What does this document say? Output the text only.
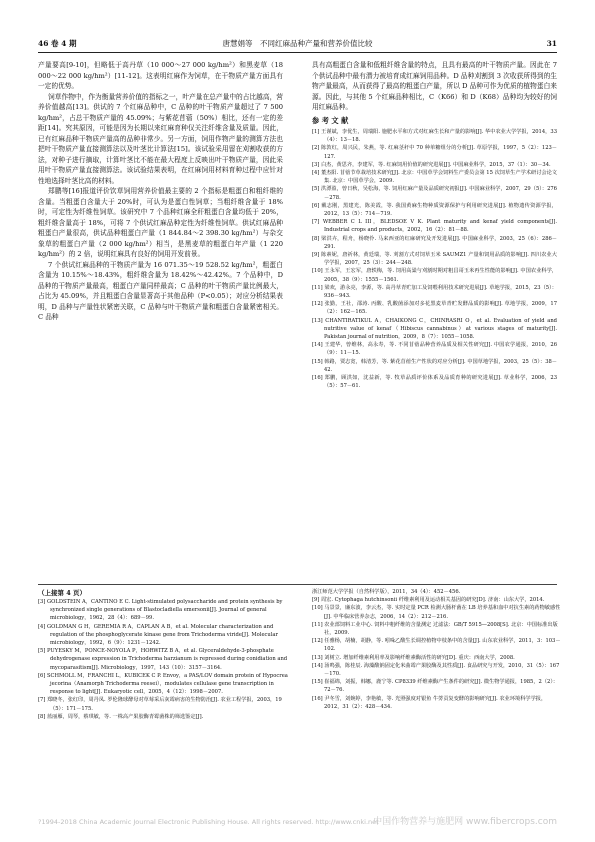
46 卷 4 期	唐慧娟等　不同红麻品种产量和营养价值比较	31

产量要高[9-10]，但略低于高丹草（10 000～27 000 kg/hm²）和黑麦草（18 000～22 000 kg/hm²）[11-12]。这表明红麻作为饲草，在干物质产量方面具有一定的优势。

饲草作物中，作为衡量营养价值的指标之一，叶产量在总产量中的占比越高，营养价值越高[13]。供试的 7 个红麻品种中，C 品种的叶干物质产量超过了 7 500 kg/hm²，占总干物质产量的 45.09%；与紫花苜蓿（50%）相比，还有一定的差距[14]。究其原因，可能是因为长期以来红麻育种仅关注纤维含量及质量。因此，已有红麻品种干物质产量高的品种非常少。另一方面，饲用作物产量的测算方法也把叶干物质产量直接测算法以及叶茎比计算法[15]。该试验采用留在刈割收获的方法，对种子进行摘取，计算叶茎比不能在最大程度上反映出叶干物质产量，因此采用叶干物质产量直接测算法。该试验结果表明，在红麻饲用材料育种过程中应针对性地选择叶茎比高的材料。

郑鹏等[16]报道评价饮草饲用营养价值最主要的 2 个指标是粗蛋白和粗纤维的含量。当粗蛋白含量大于 20%时，可认为是蛋白性饲草；当粗纤维含量于 18%时，可定性为纤维性饲草。该研究中 7 个品种红麻全秆粗蛋白含量均低于 20%，粗纤维含量高于 18%，可将 7 个供试红麻品种定性为纤维性饲草。供试红麻品种粗蛋白产量很高，供试品种粗蛋白产量（1 844.84～2 398.30 kg/hm²）与杂交象草的粗蛋白产量（2 000 kg/hm²）相当，是黑麦草的粗蛋白年产量（1 220 kg/hm²）的 2 倍，说明红麻具有良好的饲用开发前景。

7 个供试红麻品种的干物质产量为 16 071.35～19 528.52 kg/hm²，粗蛋白含量为 10.15%～18.43%，粗纤维含量为 18.42%～42.42%。7 个品种中，D 品种的干物质产量最高，粗蛋白产量同样最高；C 品种的叶干物质产量比例最大，占比为 45.09%，并且粗蛋白含量显著高于其他品种（P<0.05）；对应分析结果表明，D 品种与产量性状紧密关联，C 品种与叶干物质产量和粗蛋白含量紧密相关。C 品种

具有高粗蛋白含量和低粗纤维含量的特点，且具有最高的叶干物质产量。因此在 7 个供试品种中最有潜力被培育成红麻饲用品种。D 品种刈割到 3 次收获所得到的生物产量最高，从而获得了最高的粗蛋白产量，所以 D 品种可作为优质的植物蛋白来源。因此，与其他 5 个红麻品种相比，C（K66）和 D（K68）品种均为较好的饲用红麻品种。

参 考 文 献

[1] 王谨斌，李优生，周瑞阳. 施肥水平和方式对红麻生长和产量的影响[J]. 华中农业大学学报，2014，33（4）：13－18.

[2] 陈敦红，周兴民，朱燕，等. 红麻茎秆中 70 种单糖组分的分析[J]. 草原学报，1997，5（2）：123－127.

[3] 白杰，黄思齐，李建军，等. 红麻饲用价值的研究进展[J]. 中国麻业科学，2015，37（1）：30－34.

[4] 董杰阳. 苜蓿节草栽培技术研究[J]. 北京：中国草学会饲料生产委员会第 15 次饲草生产学术研讨会论文集. 北京：中国草学会，2009.

[5] 洪漂盈，曾日秋，吴松海，等. 饲用红麻产量及品质研究初报[J]. 中国麻业科学，2007，29（5）：276－278.

[6] 戴志刚，黑建光，陈美霞，等. 我国黄麻生物种质资源保护与利用研究进展[J]. 植物遗传资源学报，2012，13（5）：714－719.

[7] WEBBER C L III，BLEDSOE V K. Plant maturity and kenaf yield components[J]. Industrial crops and products，2002，16（2）：81－88.

[8] 梁洪卉，程舟，杨晓伶. 马来西亚的红麻研究及开发进展[J]. 中国麻业科学，2003，25（6）：286－291.

[9] 陈素妮，唐祈林，黄廷瑞，等. 刈割方式对饲草玉米 SAUMZ1 产量和饲用品质的影响[J]. 四川农业大学学报，2007，25（3）：244－248.

[10] 王永军，王宏军，唐轶梅，等. 饲用高粱与刈割时期对粗昌哥玉米再生性能的影响[J]. 中国农业科学，2005，38（9）：1555－1561.

[11] 梁欢，游永亮，李源，等. 高丹草青贮加工及饲喂利用技术研究进展[J]. 草地学报，2015，23（5）：936－943.

[12] 张勤，王社，邵涛. 丙酸、乳酸菌添加对多花黑麦草青贮发酵品质的影响[J]. 草地学报，2009，17（2）：162－165.

[13] CHANTIRATIKUL A，CHAIKONG C，CHINRASRI O，et al. Evaluation of yield and nutritive value of kenaf（Hibiscus cannabinus）at various stages of maturity[J]. Pakistan journal of nutrition，2009，8（7）：1055－1058.

[14] 王建华，曾维林，高永寿，等. 不同苜蓿品种营养品质及相关性研究[J]. 中国农学通报，2010，26（9）：11－15.

[15] 韩路，贾志宽，韩清芳，等. 紫花苜蓿生产性状的对应分析[J]. 中国草地学报，2003，25（5）：38－42.

[16] 郑鹏，顾洪如，沈益新，等. 牧草品质评价体系及品质育种的研究进展[J]. 草业科学，2006，23（5）：57－61.

（上接第 4 页）

[3] GOLDSTEIN A，CANTINO E C. Light-stimulated polysaccharide and protein synthesis by synchronized single generations of Blastocladiella emersonii[J]. Journal of general microbiology，1962，28（4）：689－99.

[4] GOLDMAN G H，GEREMIA R A，CAPLAN A B，et al. Molecular characterization and regulation of the phosphoglycerate kinase gene from Trichoderma viride[J]. Molecular microbiology，1992，6（9）：1231－1242.

[5] PUYESKY M，PONCE-NOYOLA P，HORWITZ B A，et al. Glyceraldehyde-3-phosphate dehydrogenase expression in Trichoderma harzianum is repressed during conidiation and mycoparasitism[J]. Microbiology，1997，143（10）：3157－3164.

[6] SCHMOLL M，FRANCHI L，KUBICEK C P. Envoy，a PAS/LOV domain protein of Hypocrea jecorina（Anamorph Trichoderma reesei），modulates cellulase gene transcription in response to light[J]. Eukaryotic cell，2005，4（12）：1998－2007.

[7] 郑晓冬，张红印，周丹凤. 罗伦隆球酵母对草莓采后灰霉病害的生物防治[J]. 农业工程学报，2003，19（5）：171－175.

[8] 蓝丽雁，周琴，蔡琪敏，等. 一株高产果胶酶青霉菌株的筛选鉴定[J].

浙江师范大学学报（自然科学版），2011，34（4）：452－456.

[9] 周宏. Cytophaga hutchinsonii 纤维素利用及运动相关基因的研究[D]. 济南：山东大学，2014.

[10] 马景景，廉东波，李云杰，等. 实时定量 PCR 检测大肠杆菌在 LB 培养基和血中对抗生素的药物敏感性[J]. 中华临床营养杂志，2006，14（2）：212－216.

[11] 农业部饲料工业中心. 饲料中粗纤维的含量测定 过滤法：GB/T 5915—2008[S]. 北京：中国标准出版社，2009.

[12] 任雅杨，胡楠，胡静，等. 吲哚乙酸生长调控植物中枝条中的含量[J]. 山东农业科学，2011，3：103－102.

[13] 刘树立. 增加纤维素利用率及影响纤维素酶活性的研究[D]. 重庆：西南大学，2008.

[14] 汤鸣强，陈桂辰. 海藻酸钠固定化米曲霉产果胶酶及其性质[J]. 食品研究与开发，2010，31（5）：167－170.

[15] 崔福绵，刘振，韩娜，鹿宁等. CP8339 纤维素酶产生条件的研究[J]. 微生物学通报，1985，2（2）：72－76.

[16] 尹冬雪，刘婉婷，李艳敏，等. 光照强度对银鱼 牛蒡贡复变酵的影响研究[J]. 农业环境科学学报，2012，31（2）：428－434.

?1994-2018 China Academic Journal Electronic Publishing House. All rights reserved. http://www.cnki.net
中国作物营养与施肥网 www.fibercrops.com
